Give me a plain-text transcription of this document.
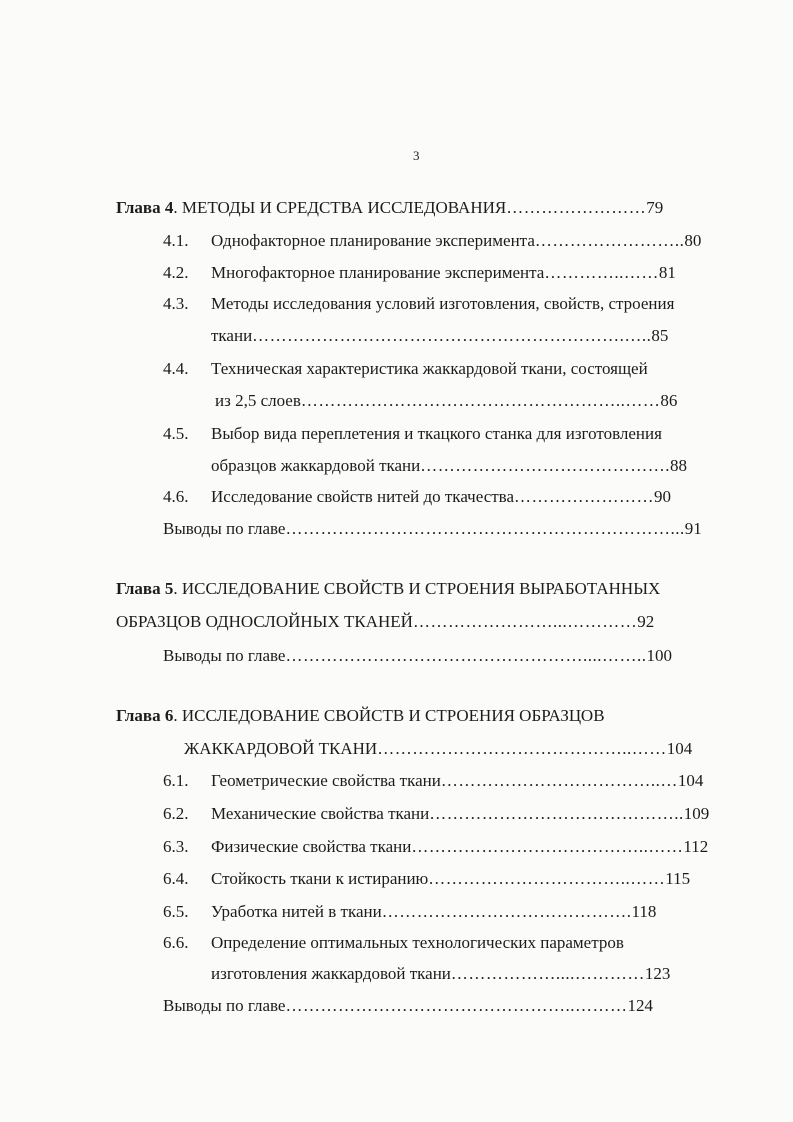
3
Глава 4. МЕТОДЫ И СРЕДСТВА ИССЛЕДОВАНИЯ……………………79
4.1. Однофакторное планирование эксперимента……………………..80
4.2. Многофакторное планирование эксперимента…………..……81
4.3. Методы исследования условий изготовления, свойств, строения
ткани……………………………………………………….…..85
4.4. Техническая характеристика жаккардовой ткани, состоящей
из 2,5 слоев………………………………………………..……86
4.5. Выбор вида переплетения и ткацкого станка для изготовления
образцов жаккардовой ткани…………………………………….88
4.6. Исследование свойств нитей до ткачества……………………90
Выводы по главе…………………………………………………………...91
Глава 5. ИССЛЕДОВАНИЕ СВОЙСТВ И СТРОЕНИЯ ВЫРАБОТАННЫХ
ОБРАЗЦОВ ОДНОСЛОЙНЫХ ТКАНЕЙ……………………...…………92
Выводы по главе……………………………………………....……..100
Глава 6. ИССЛЕДОВАНИЕ СВОЙСТВ И СТРОЕНИЯ ОБРАЗЦОВ
ЖАККАРДОВОЙ ТКАНИ……………………………………..……104
6.1. Геометрические свойства ткани………………………………..…104
6.2. Механические свойства ткани……………………………………..109
6.3. Физические свойства ткани…………………………………..……112
6.4. Стойкость ткани к истиранию……………………………..……115
6.5. Уработка нитей в ткани…………………………………….118
6.6. Определение оптимальных технологических параметров
изготовления жаккардовой ткани………………....…………123
Выводы по главе…………………………………………..………124
